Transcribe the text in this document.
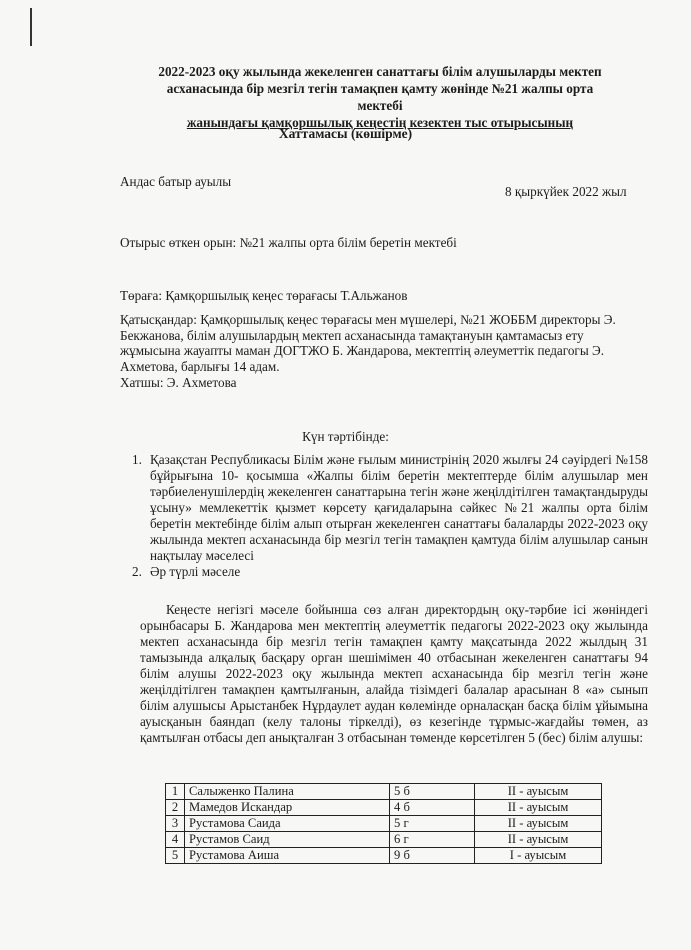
2022-2023 оқу жылында жекеленген санаттағы білім алушыларды мектеп
асханасында бір мезгіл тегін тамақпен қамту жөнінде №21 жалпы орта мектебі
жанындағы қамқоршылық кеңестің кезектен тыс отырысының
Хаттамасы (көшірме)
Андас батыр ауылы
8 қыркүйек 2022 жыл
Отырыс өткен орын: №21 жалпы орта білім беретін мектебі
Төраға: Қамқоршылық кеңес төрағасы Т.Альжанов
Қатысқандар: Қамқоршылық кеңес төрағасы мен мүшелері, №21 ЖОББМ директоры Э. Бекжанова, білім алушылардың мектеп асханасында тамақтануын қамтамасыз ету жұмысына жауапты маман ДОГТЖО Б. Жандарова, мектептің әлеуметтік педагогы Э. Ахметова, барлығы 14 адам.
Хатшы: Э. Ахметова
Күн тәртібінде:
1. Қазақстан Республикасы Білім және ғылым министрінің 2020 жылғы 24 сәуірдегі №158 бұйрығына 10- қосымша «Жалпы білім беретін мектептерде білім алушылар мен тәрбиеленушілердің жекеленген санаттарына тегін және жеңілдітілген тамақтандыруды ұсыну» мемлекеттік қызмет көрсету қағидаларына сәйкес №21 жалпы орта білім беретін мектебінде білім алып отырған жекеленген санаттағы балаларды 2022-2023 оқу жылында мектеп асханасында бір мезгіл тегін тамақпен қамтуда білім алушылар санын нақтылау мәселесі
2. Әр түрлі мәселе
Кеңесте негізгі мәселе бойынша сөз алған директордың оқу-тәрбие ісі жөніндегі орынбасары Б. Жандарова мен мектептің әлеуметтік педагогы 2022-2023 оқу жылында мектеп асханасында бір мезгіл тегін тамақпен қамту мақсатында 2022 жылдың 31 тамызында алқалық басқару орган шешімімен 40 отбасынан жекеленген санаттағы 94 білім алушы 2022-2023 оқу жылында мектеп асханасында бір мезгіл тегін және жеңілдітілген тамақпен қамтылғанын, алайда тізімдегі балалар арасынан 8 «а» сынып білім алушысы Арыстанбек Нұрдаулет аудан көлемінде орналасқан басқа білім ұйымына ауысқанын баяндап (келу талоны тіркелді), өз кезегінде тұрмыс-жағдайы төмен, аз қамтылған отбасы деп анықталған 3 отбасынан төменде көрсетілген 5 (бес) білім алушы:
1	Салыженко Палина	5 б	II - ауысым
2	Мамедов Искандар	4 б	II - ауысым
3	Рустамова Саида	5 г	II - ауысым
4	Рустамов Саид	6 г	II - ауысым
5	Рустамова Аиша	9 б	I - ауысым
